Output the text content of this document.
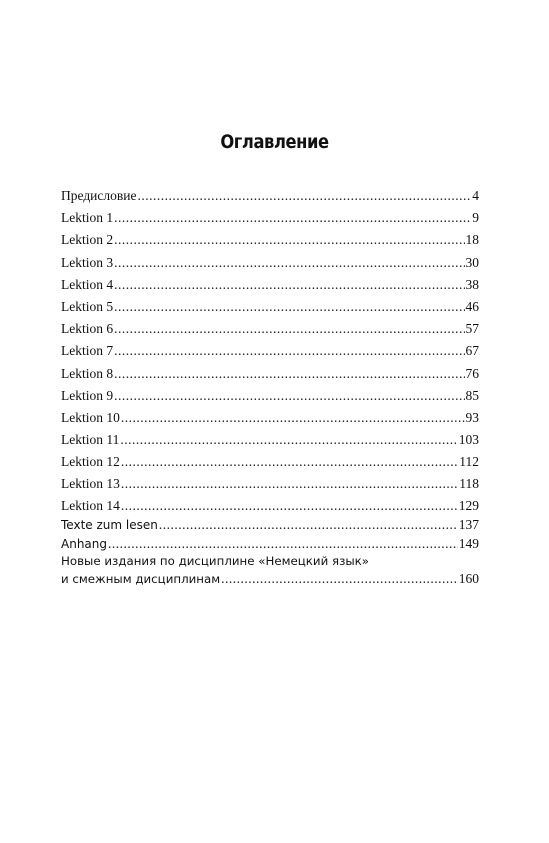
Оглавление
Предисловие .....	4
Lektion 1 .....	9
Lektion 2 .....	18
Lektion 3 .....	30
Lektion 4 .....	38
Lektion 5 .....	46
Lektion 6 .....	57
Lektion 7 .....	67
Lektion 8 .....	76
Lektion 9 .....	85
Lektion 10 .....	93
Lektion 11 .....	103
Lektion 12 .....	112
Lektion 13 .....	118
Lektion 14 .....	129
Texte zum lesen .....	137
Anhang .....	149
Новые издания по дисциплине «Немецкий язык»
и смежным дисциплинам .....	160
